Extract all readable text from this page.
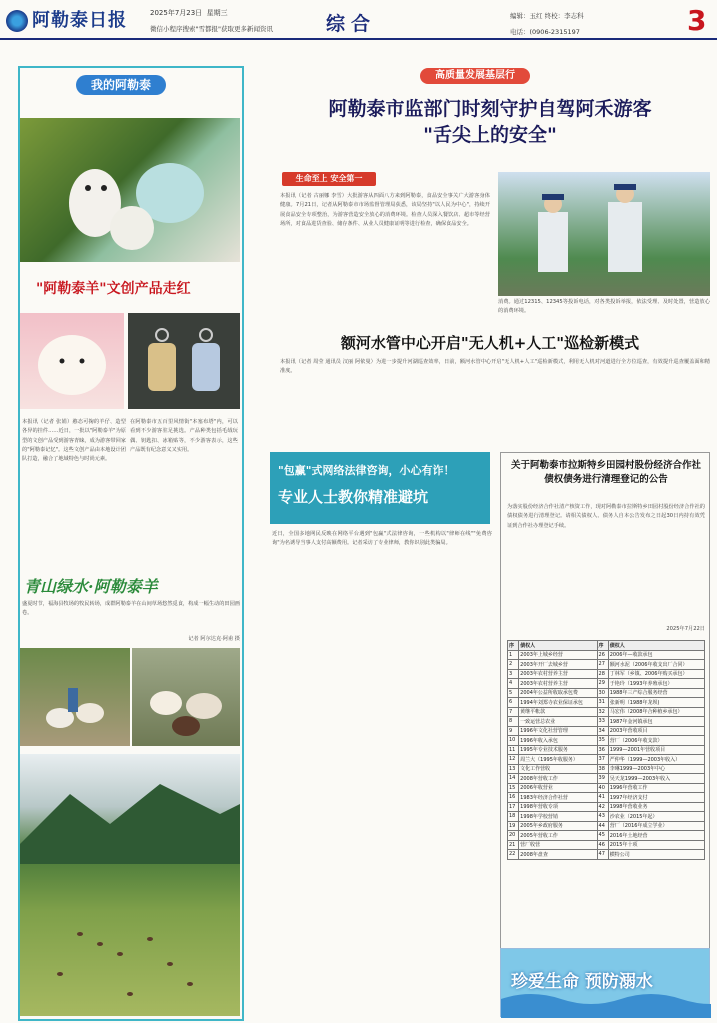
阿勒泰日报	2025年7月23日 星期三
微信小程序搜索"雪都报"获取更多新闻资讯	综合	编辑：玉红 终校：李志科
电话：(0906-2315197	3
我的阿勒泰
"阿勒泰羊"文创产品走红
本报讯（记者 张娟）憨态可掬的羊仔、造型各异的挂件……近日，一批以"阿勒泰羊"为原型的文创产品受到游客青睐，成为游客带回家的"阿勒泰记忆"。这些文创产品由本地设计团队打造，融合了地域特色与时尚元素。
在阿勒泰市五百里风情街"本塞布塔"内，可以看到不少游客驻足挑选。产品种类包括毛绒玩偶、钥匙扣、冰箱贴等，不少游客表示，这些产品既有纪念意义又实用。
青山绿水·阿勒泰羊
盛夏时节，福海县牧场的牧民转场，成群阿勒泰羊在山间草场悠然觅食，构成一幅生动的田园画卷。
记者 阿尔达克·阿甫 摄
高质量发展基层行
阿勒泰市监部门时刻守护自驾阿禾游客
"舌尖上的安全"
生命至上 安全第一
本报讯（记者 古丽娜 李雪）大批游客从四面八方来到阿勒泰，食品安全事关广大游客身体健康。7月21日，记者从阿勒泰市市场监督管理局获悉，该局坚持"以人民为中心"，持续开展食品安全专项整治，为游客营造安全放心的消费环境。检查人员深入餐饮店、超市等经营场所，对食品进货查验、储存条件、从业人员健康证明等进行检查，确保食品安全。
消费。通过12315、12345等投诉电话，对各类投诉举报，依法受理、及时处置，营造放心的消费环境。
额河水管中心开启"无人机+人工"巡检新模式
本报讯（记者 周莹 通讯员 汉丽 阿依曼）为进一步提升河湖巡查效率，日前，额河水管中心开启"无人机+人工"巡检新模式，利用无人机对河道进行全方位巡查，有效提升巡查覆盖面和精准度。
"包赢"式网络法律咨询，小心有诈！
专业人士教你精准避坑
近日，全国多地网民反映在网络平台遇到"包赢"式法律咨询，一些机构以"律师在线""免费咨询"为名诱导当事人支付高额费用。记者采访了专业律师，教你识别此类骗局。
关于阿勒泰市拉斯特乡田园村股份经济合作社债权债务进行清理登记的公告
为落实股份经济合作社清产核资工作，现对阿勒泰市拉斯特乡田园村股份经济合作社的债权债务进行清理登记。请相关债权人、债务人自本公告发布之日起30日内持有效凭证到合作社办理登记手续。
2025年7月22日
序	债权人	序	债权人
1	2003年上城乡经营	26	2006年—收款承包
2	2003年开厂去城乡营	27	额河水泥（2006年收支出厂合同）
3	2003年农村营养主营	28	丁林军（乡镇、2006年购买承包）
4	2003年农村营养主营	29	于艳玲（1993年养殖承包）
5	2004年公益所收取承包费	30	1988年三产综合服务经营
6	1994年刘郑寺农业保证承包	31	张新明（1988年龙坝)
7	黄继平帐款	32	马宏伟（2008年合种植乡承包）
8	一致运营总农业	33	1987年金河镇承包
9	1996年文化社营管理	34	2003年营收项目
10	1996年收入承包	35	营厂（2006年收支款）
11	1995年专业技术服务	36	1999—2001年营收项目
12	周兰大（1995年收服务）	37	严仲华（1999—2003年收入）
13	文化工作营收	38	李琳1999—2003年中心
14	2008年营收工作	39	吴天龙1999—2003年收入
15	2006年收营业	40	1996年营收工作
16	1983年经济合作社营	41	1997年经济支付
17	1998年营收专项	42	1998年营收业务
18	1998年学校营销	43	沙农业（2015年起）
19	2005年乡政府服务	44	营厂（2016年成立学业）
20	2005年营收工作	45	2016年土地经营
21	营厂收营	46	2015年十项
22	2008年盘查	47	横特公司
珍爱生命 预防溺水
